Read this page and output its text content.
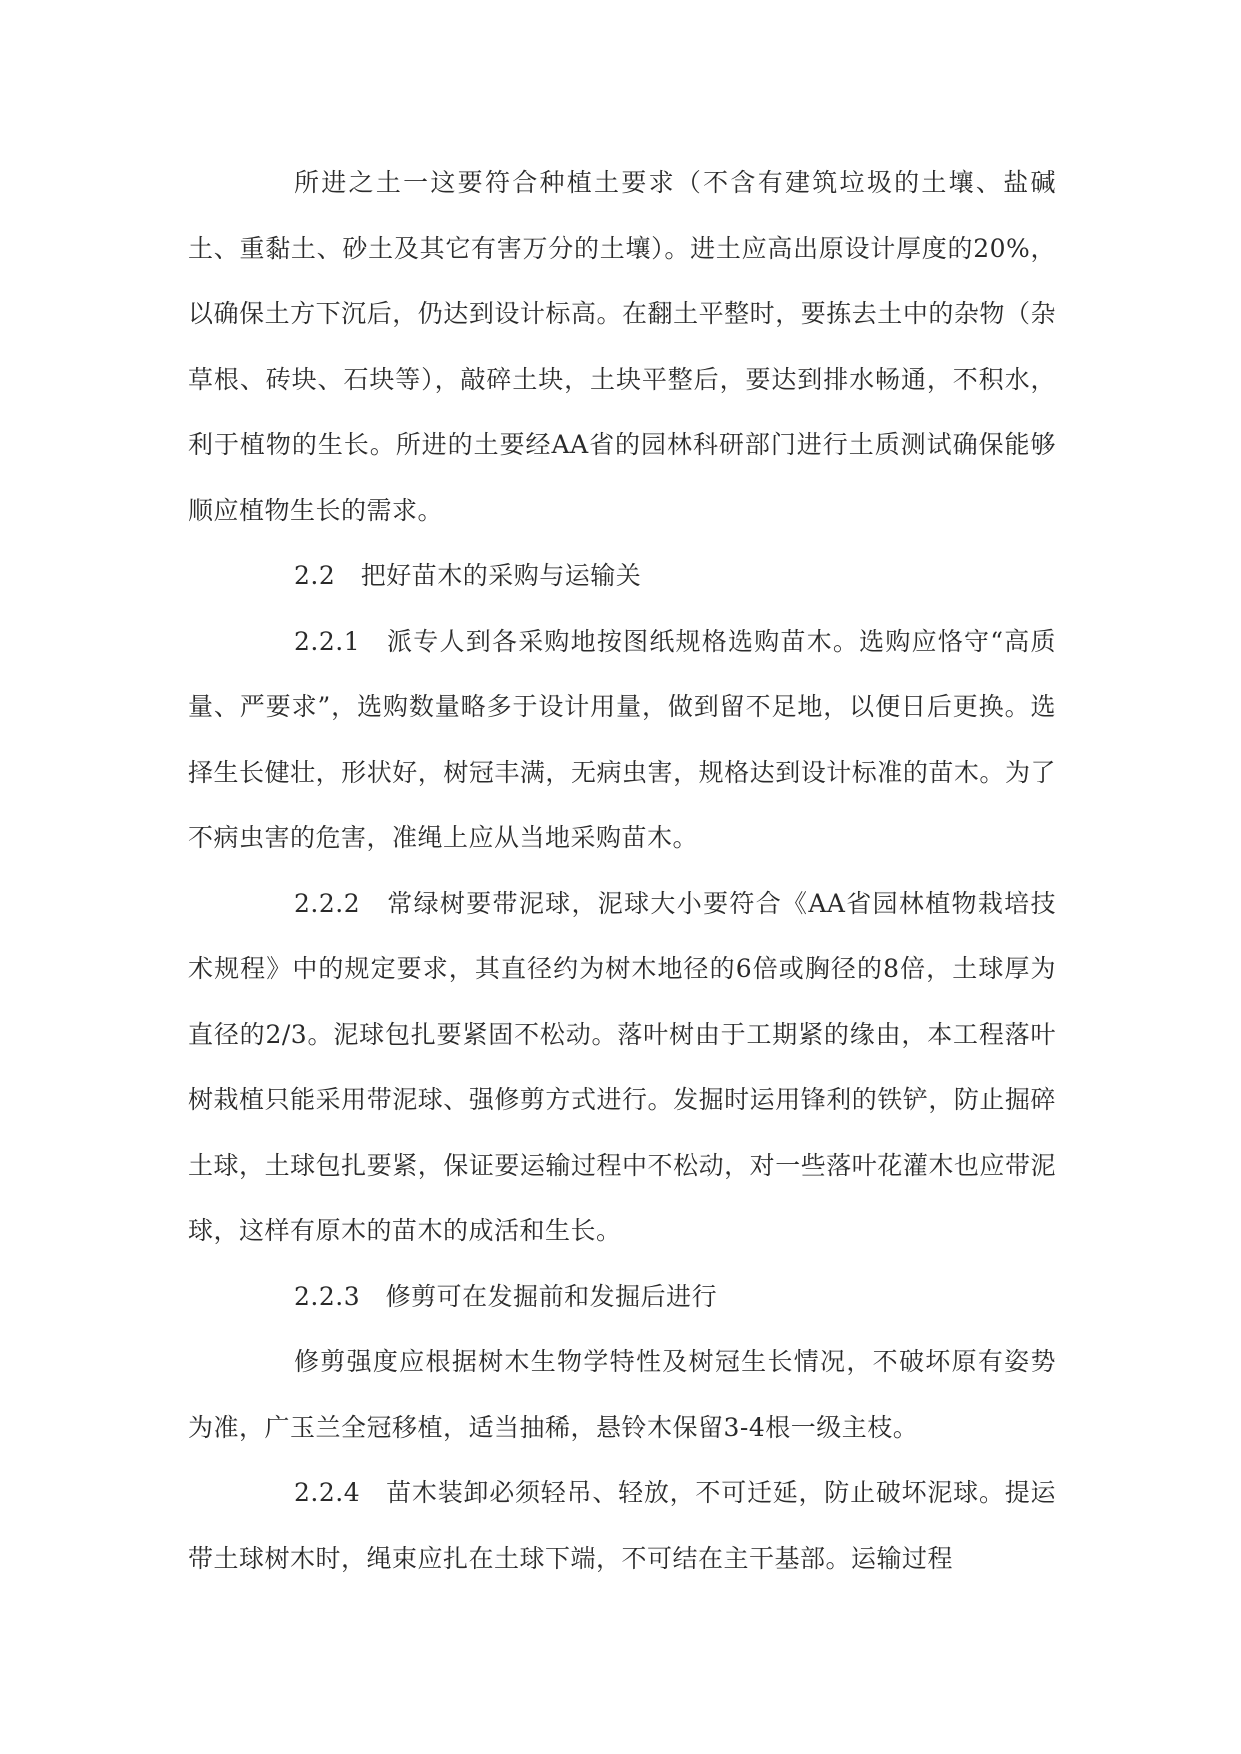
所进之土一这要符合种植土要求（不含有建筑垃圾的土壤、盐碱土、重黏土、砂土及其它有害万分的土壤）。进土应高出原设计厚度的20%，以确保土方下沉后，仍达到设计标高。在翻土平整时，要拣去土中的杂物（杂草根、砖块、石块等），敲碎土块，土块平整后，要达到排水畅通，不积水，利于植物的生长。所进的土要经AA省的园林科研部门进行土质测试确保能够顺应植物生长的需求。

2.2　把好苗木的采购与运输关

2.2.1　派专人到各采购地按图纸规格选购苗木。选购应恪守“高质量、严要求”，选购数量略多于设计用量，做到留不足地，以便日后更换。选择生长健壮，形状好，树冠丰满，无病虫害，规格达到设计标准的苗木。为了不病虫害的危害，准绳上应从当地采购苗木。

2.2.2　常绿树要带泥球，泥球大小要符合《AA省园林植物栽培技术规程》中的规定要求，其直径约为树木地径的6倍或胸径的8倍，土球厚为直径的2/3。泥球包扎要紧固不松动。落叶树由于工期紧的缘由，本工程落叶树栽植只能采用带泥球、强修剪方式进行。发掘时运用锋利的铁铲，防止掘碎土球，土球包扎要紧，保证要运输过程中不松动，对一些落叶花灌木也应带泥球，这样有原木的苗木的成活和生长。

2.2.3　修剪可在发掘前和发掘后进行

修剪强度应根据树木生物学特性及树冠生长情况，不破坏原有姿势为准，广玉兰全冠移植，适当抽稀，悬铃木保留3-4根一级主枝。

2.2.4　苗木装卸必须轻吊、轻放，不可迁延，防止破坏泥球。提运带土球树木时，绳束应扎在土球下端，不可结在主干基部。运输过程
